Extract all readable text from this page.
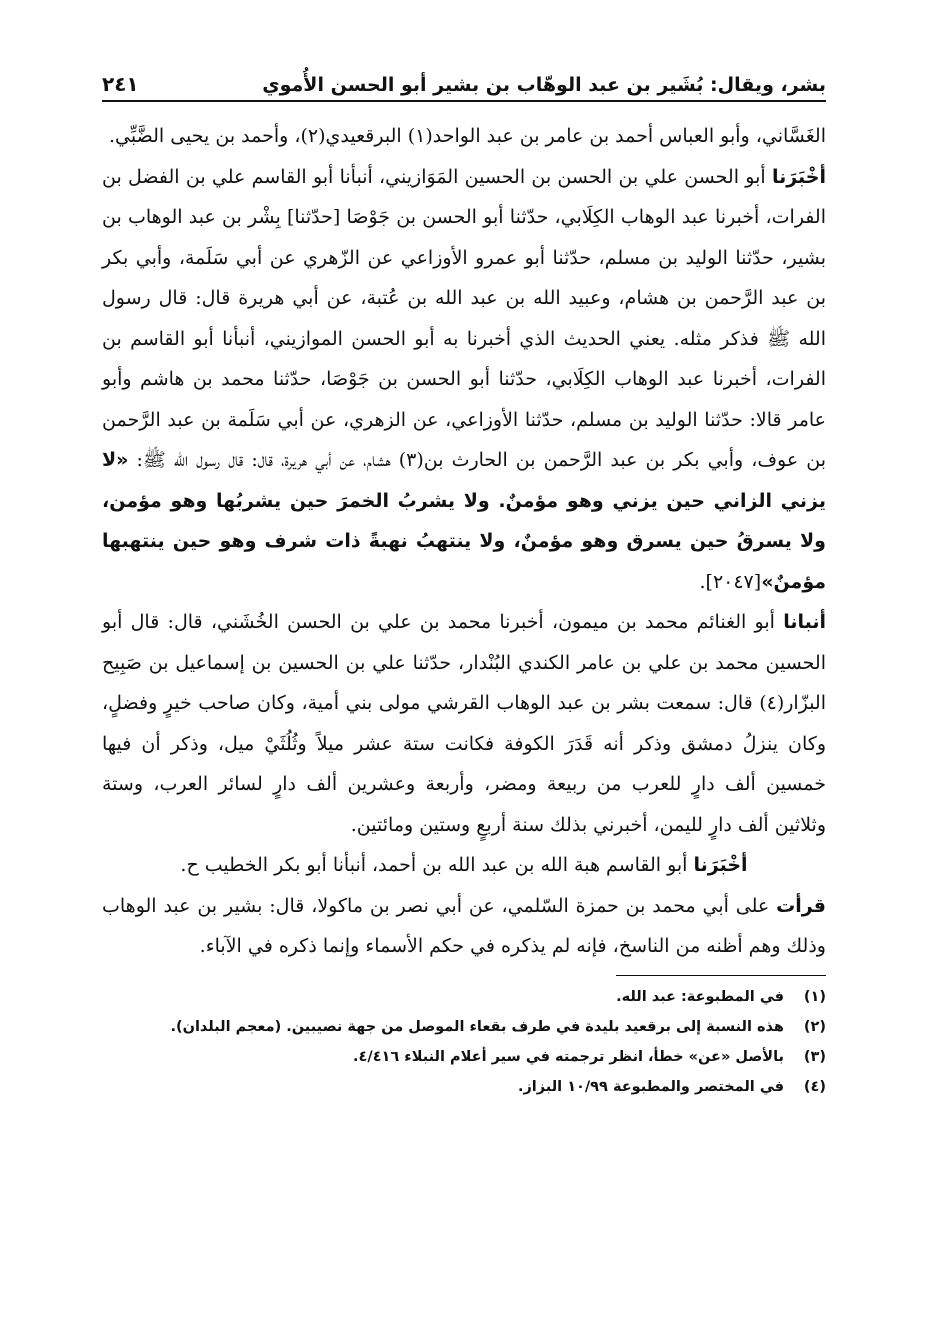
بشر، ويقال: بُشَير بن عبد الوهّاب بن بشير أبو الحسن الأُموي
٢٤١

الغَسَّاني، وأبو العباس أحمد بن عامر بن عبد الواحد(١) البرقعيدي(٢)، وأحمد بن يحيى الضَّبِّي.

أخْبَرَنا أبو الحسن علي بن الحسن بن الحسين المَوَازيني، أنبأنا أبو القاسم علي بن الفضل بن الفرات، أخبرنا عبد الوهاب الكِلَابي، حدّثنا أبو الحسن بن جَوْصَا [حدّثنا] بِشْر بن عبد الوهاب بن بشير، حدّثنا الوليد بن مسلم، حدّثنا أبو عمرو الأوزاعي عن الزّهري عن أبي سَلَمة، وأبي بكر بن عبد الرَّحمن بن هشام، وعبيد الله بن عبد الله بن عُتبة، عن أبي هريرة قال: قال رسول الله ﷺ فذكر مثله. يعني الحديث الذي أخبرنا به أبو الحسن الموازيني، أنبأنا أبو القاسم بن الفرات، أخبرنا عبد الوهاب الكِلَابي، حدّثنا أبو الحسن بن جَوْصَا، حدّثنا محمد بن هاشم وأبو عامر قالا: حدّثنا الوليد بن مسلم، حدّثنا الأوزاعي، عن الزهري، عن أبي سَلَمة بن عبد الرَّحمن بن عوف، وأبي بكر بن عبد الرَّحمن بن الحارث بن(٣) هشام، عن أبي هريرة، قال: قال رسول الله ﷺ: «لا يزني الزاني حين يزني وهو مؤمنٌ. ولا يشربُ الخمرَ حين يشربُها وهو مؤمن، ولا يسرقُ حين يسرق وهو مؤمنٌ، ولا ينتهبُ نهبةً ذات شرف وهو حين ينتهبها مؤمنٌ»[٢٠٤٧].

أنبانا أبو الغنائم محمد بن ميمون، أخبرنا محمد بن علي بن الحسن الخُشَني، قال: قال أبو الحسين محمد بن علي بن عامر الكندي البُنْدار، حدّثنا علي بن الحسين بن إسماعيل بن صَبِيح البزّار(٤) قال: سمعت بشر بن عبد الوهاب القرشي مولى بني أمية، وكان صاحب خيرٍ وفضلٍ، وكان ينزلُ دمشق وذكر أنه قَدَرَ الكوفة فكانت ستة عشر ميلاً وثُلُثَيْ ميل، وذكر أن فيها خمسين ألف دارٍ للعرب من ربيعة ومضر، وأربعة وعشرين ألف دارٍ لسائر العرب، وستة وثلاثين ألف دارٍ لليمن، أخبرني بذلك سنة أربعٍ وستين ومائتين.

أخْبَرَنا أبو القاسم هبة الله بن عبد الله بن أحمد، أنبأنا أبو بكر الخطيب ح.

قرأت على أبي محمد بن حمزة السّلمي، عن أبي نصر بن ماكولا، قال: بشير بن عبد الوهاب وذلك وهم أظنه من الناسخ، فإنه لم يذكره في حكم الأسماء وإنما ذكره في الآباء.

(١)
في المطبوعة: عبد الله.
(٢)
هذه النسبة إلى برقعيد بليدة في طرف بقعاء الموصل من جهة نصيبين. (معجم البلدان).
(٣)
بالأصل «عن» خطأ، انظر ترجمته في سير أعلام النبلاء ٤/٤١٦.
(٤)
في المختصر والمطبوعة ١٠/٩٩ البزاز.
